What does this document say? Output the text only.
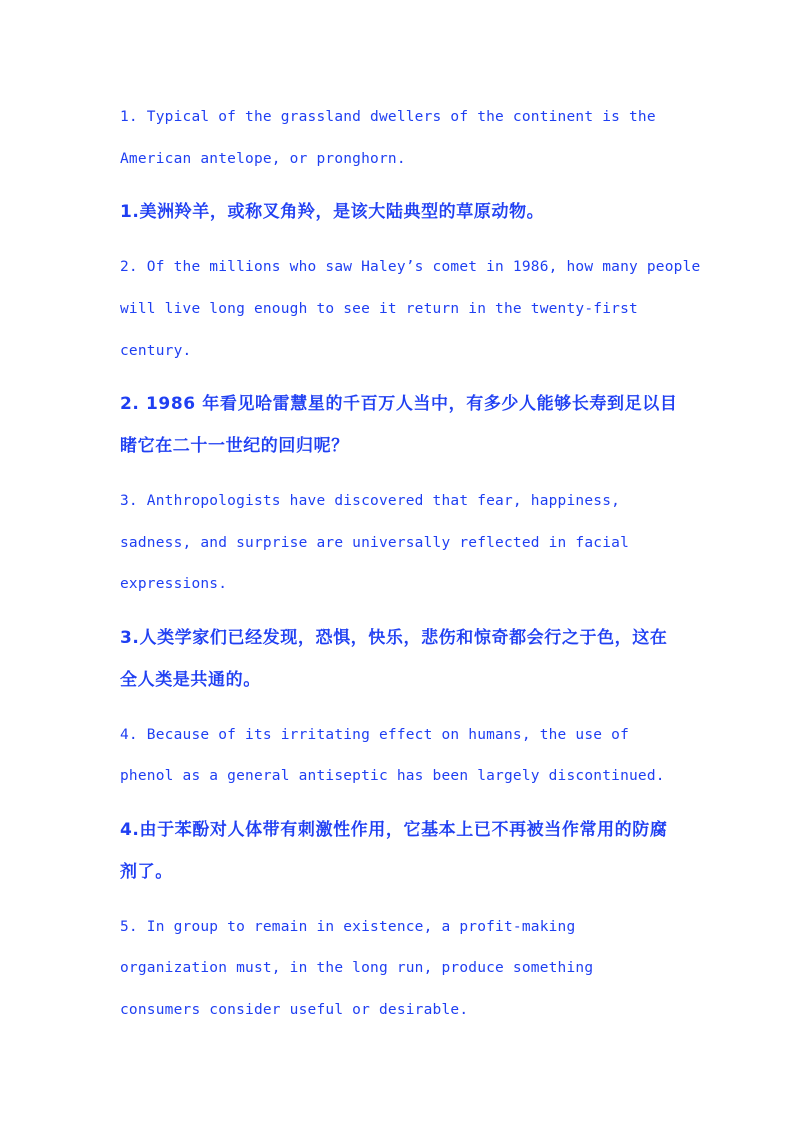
1. Typical of the grassland dwellers of the continent is the

American antelope, or pronghorn.

1.美洲羚羊，或称叉角羚，是该大陆典型的草原动物。

2. Of the millions who saw Haley’s comet in 1986, how many people

will live long enough to see it return in the twenty-first

century.

2. 1986 年看见哈雷慧星的千百万人当中，有多少人能够长寿到足以目

睹它在二十一世纪的回归呢？

3. Anthropologists have discovered that fear, happiness,

sadness, and surprise are universally reflected in facial

expressions.

3.人类学家们已经发现，恐惧，快乐，悲伤和惊奇都会行之于色，这在

全人类是共通的。

4. Because of its irritating effect on humans, the use of

phenol as a general antiseptic has been largely discontinued.

4.由于苯酚对人体带有刺激性作用，它基本上已不再被当作常用的防腐

剂了。

5. In group to remain in existence, a profit-making

organization must, in the long run, produce something

consumers consider useful or desirable.
